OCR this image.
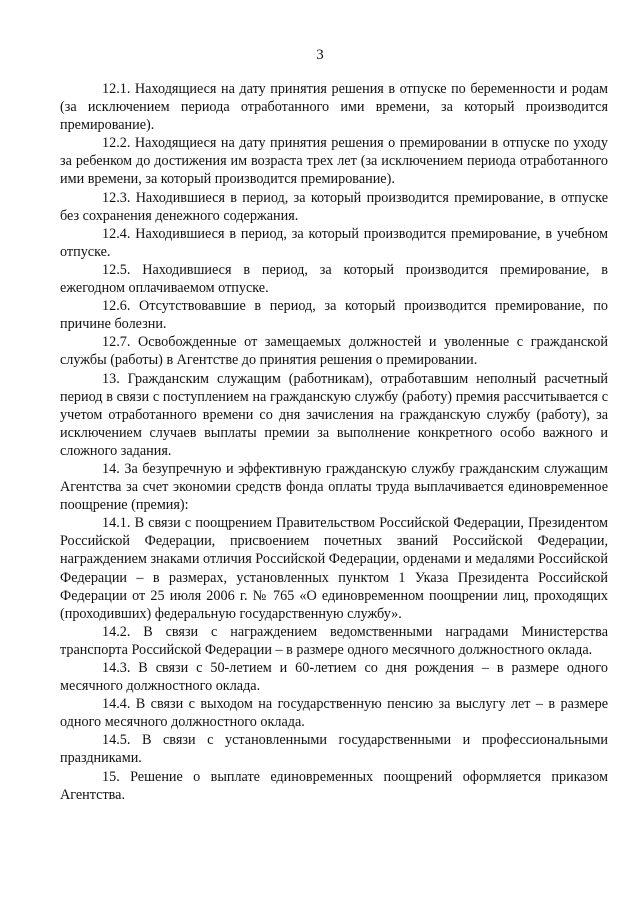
3

12.1. Находящиеся на дату принятия решения в отпуске по беременности и родам (за исключением периода отработанного ими времени, за который производится премирование).

12.2. Находящиеся на дату принятия решения о премировании в отпуске по уходу за ребенком до достижения им возраста трех лет (за исключением периода отработанного ими времени, за который производится премирование).

12.3. Находившиеся в период, за который производится премирование, в отпуске без сохранения денежного содержания.

12.4. Находившиеся в период, за который производится премирование, в учебном отпуске.

12.5. Находившиеся в период, за который производится премирование, в ежегодном оплачиваемом отпуске.

12.6. Отсутствовавшие в период, за который производится премирование, по причине болезни.

12.7. Освобожденные от замещаемых должностей и уволенные с гражданской службы (работы) в Агентстве до принятия решения о премировании.

13. Гражданским служащим (работникам), отработавшим неполный расчетный период в связи с поступлением на гражданскую службу (работу) премия рассчитывается с учетом отработанного времени со дня зачисления на гражданскую службу (работу), за исключением случаев выплаты премии за выполнение конкретного особо важного и сложного задания.

14. За безупречную и эффективную гражданскую службу гражданским служащим Агентства за счет экономии средств фонда оплаты труда выплачивается единовременное поощрение (премия):

14.1. В связи с поощрением Правительством Российской Федерации, Президентом Российской Федерации, присвоением почетных званий Российской Федерации, награждением знаками отличия Российской Федерации, орденами и медалями Российской Федерации – в размерах, установленных пунктом 1 Указа Президента Российской Федерации от 25 июля 2006 г. № 765 «О единовременном поощрении лиц, проходящих (проходивших) федеральную государственную службу».

14.2. В связи с награждением ведомственными наградами Министерства транспорта Российской Федерации – в размере одного месячного должностного оклада.

14.3. В связи с 50-летием и 60-летием со дня рождения – в размере одного месячного должностного оклада.

14.4. В связи с выходом на государственную пенсию за выслугу лет – в размере одного месячного должностного оклада.

14.5. В связи с установленными государственными и профессиональными праздниками.

15. Решение о выплате единовременных поощрений оформляется приказом Агентства.
